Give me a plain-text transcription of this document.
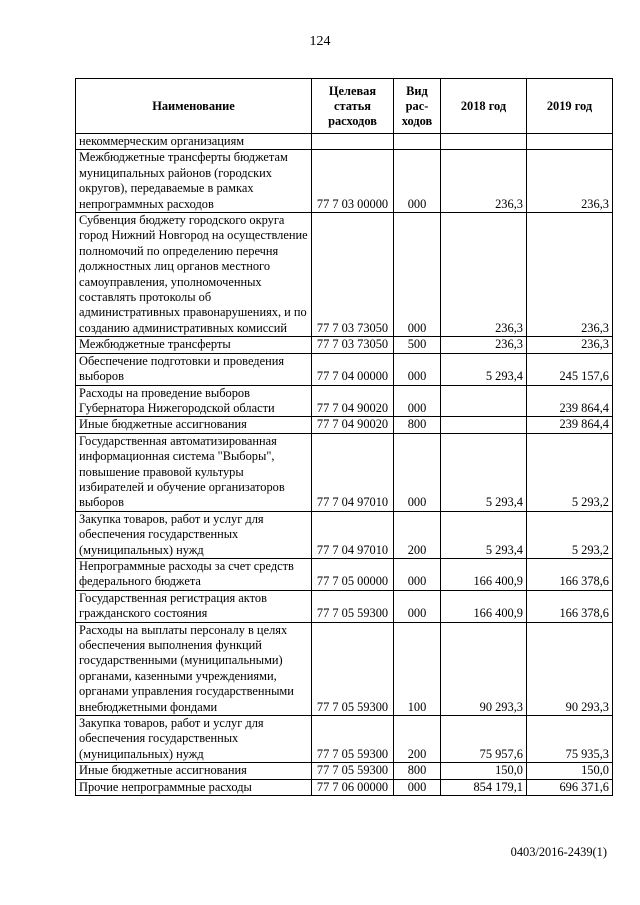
124
Наименование	Целевая статья расходов	Вид рас-ходов	2018 год	2019 год
некоммерческим организациям				
Межбюджетные трансферты бюджетам муниципальных районов (городских округов), передаваемые в рамках непрограммных расходов	77 7 03 00000	000	236,3	236,3
Субвенция бюджету городского округа город Нижний Новгород на осуществление полномочий по определению перечня должностных лиц органов местного самоуправления, уполномоченных составлять протоколы об административных правонарушениях, и по созданию административных комиссий	77 7 03 73050	000	236,3	236,3
Межбюджетные трансферты	77 7 03 73050	500	236,3	236,3
Обеспечение подготовки и проведения выборов	77 7 04 00000	000	5 293,4	245 157,6
Расходы на проведение выборов Губернатора Нижегородской области	77 7 04 90020	000		239 864,4
Иные бюджетные ассигнования	77 7 04 90020	800		239 864,4
Государственная автоматизированная информационная система "Выборы", повышение правовой культуры избирателей и обучение организаторов выборов	77 7 04 97010	000	5 293,4	5 293,2
Закупка товаров, работ и услуг для обеспечения государственных (муниципальных) нужд	77 7 04 97010	200	5 293,4	5 293,2
Непрограммные расходы за счет средств федерального бюджета	77 7 05 00000	000	166 400,9	166 378,6
Государственная регистрация актов гражданского состояния	77 7 05 59300	000	166 400,9	166 378,6
Расходы на выплаты персоналу в целях обеспечения выполнения функций государственными (муниципальными) органами, казенными учреждениями, органами управления государственными внебюджетными фондами	77 7 05 59300	100	90 293,3	90 293,3
Закупка товаров, работ и услуг для обеспечения государственных (муниципальных) нужд	77 7 05 59300	200	75 957,6	75 935,3
Иные бюджетные ассигнования	77 7 05 59300	800	150,0	150,0
Прочие непрограммные расходы	77 7 06 00000	000	854 179,1	696 371,6
0403/2016-2439(1)
